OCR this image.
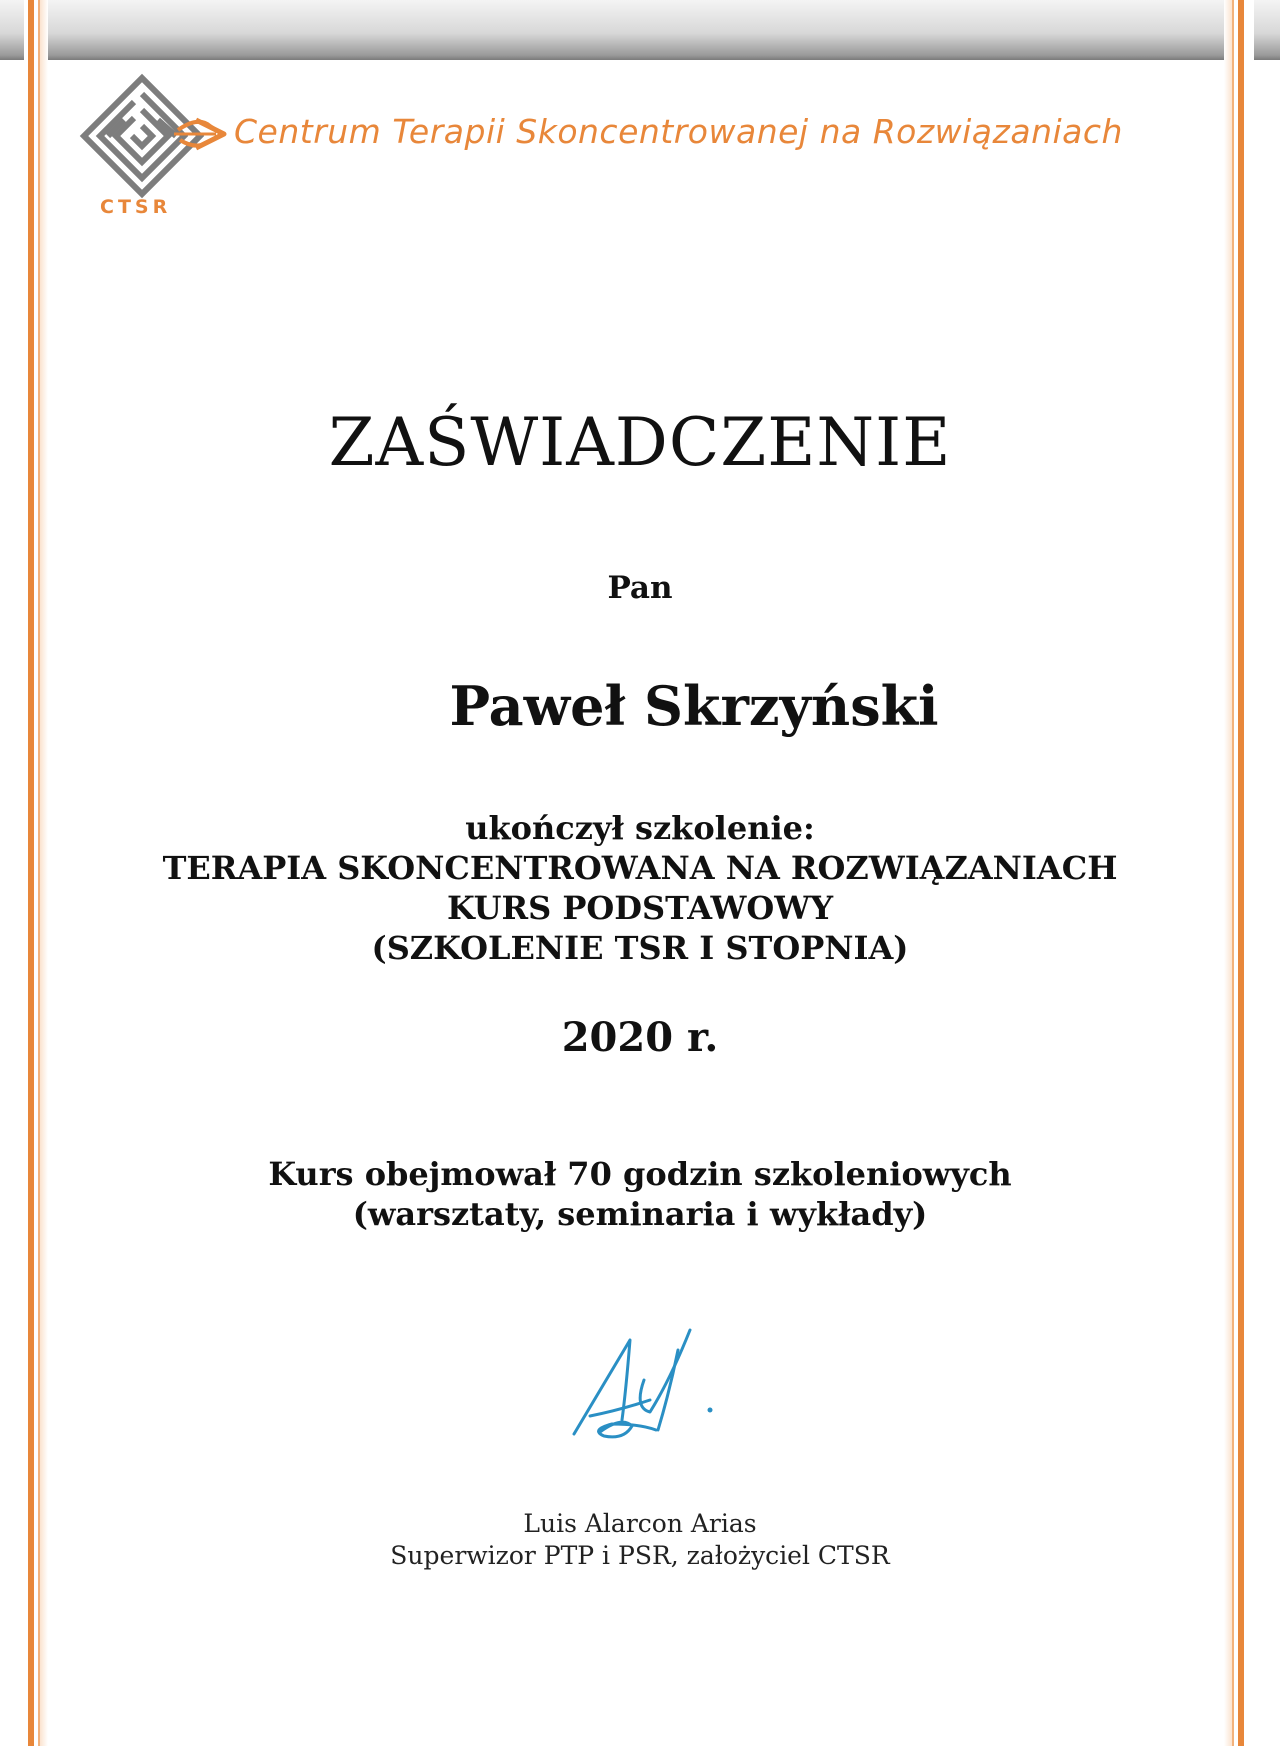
CTSR
Centrum Terapii Skoncentrowanej na Rozwiązaniach
ZAŚWIADCZENIE
Pan
Paweł Skrzyński
ukończył szkolenie:
TERAPIA SKONCENTROWANA NA ROZWIĄZANIACH
KURS PODSTAWOWY
(SZKOLENIE TSR I STOPNIA)
2020 r.
Kurs obejmował 70 godzin szkoleniowych
(warsztaty, seminaria i wykłady)
Luis Alarcon Arias
Superwizor PTP i PSR, założyciel CTSR
